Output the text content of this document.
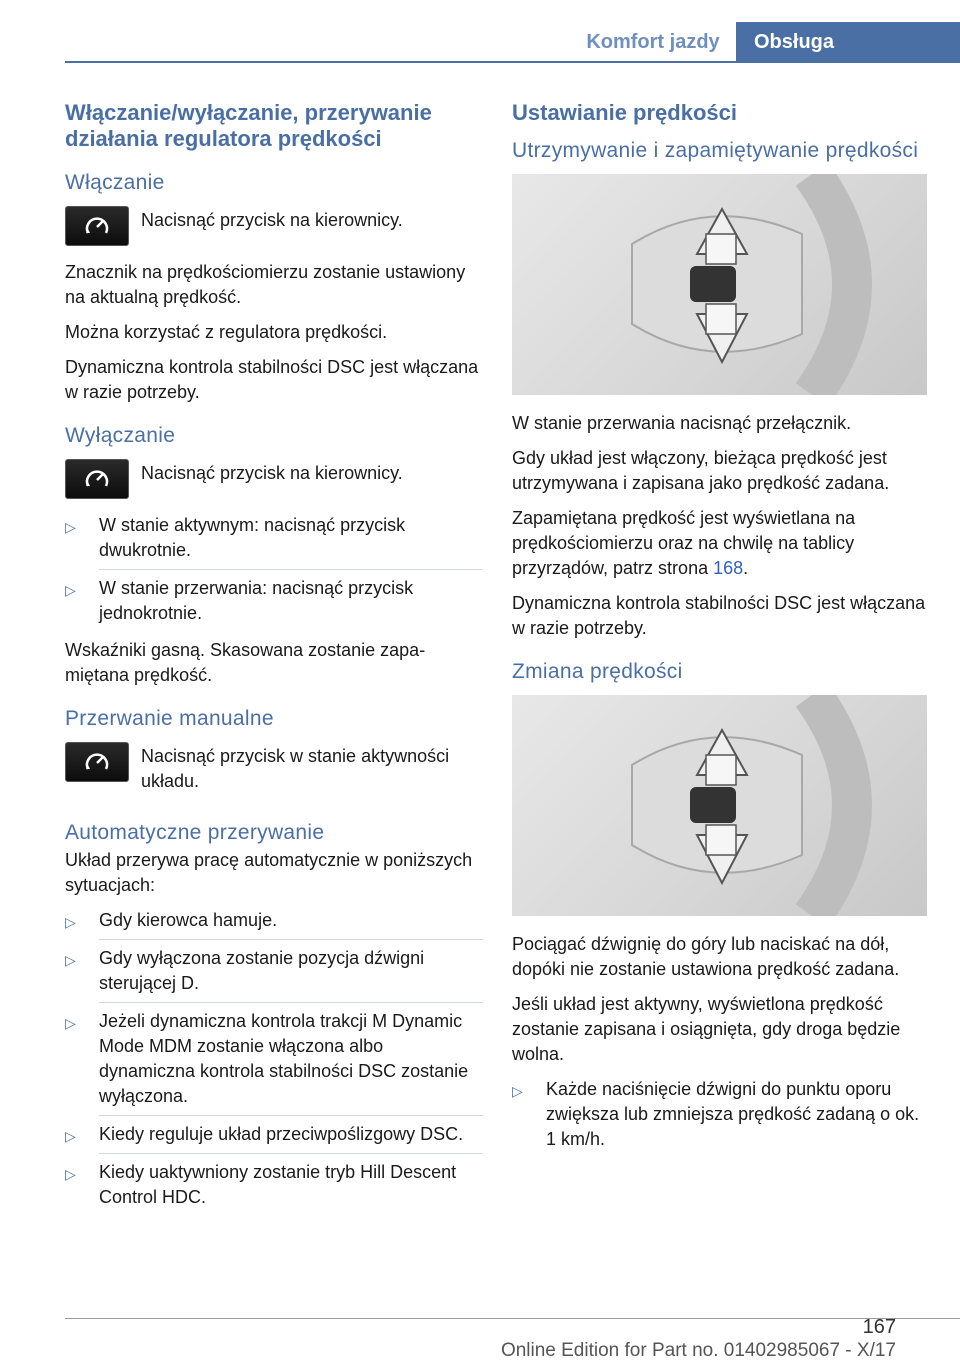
Komfort jazdy	Obsługa
Włączanie/wyłączanie, przerywanie działania regulatora prędkości
Włączanie
Nacisnąć przycisk na kierownicy.

Znacznik na prędkościomierzu zostanie ustawiony na aktualną prędkość.

Można korzystać z regulatora prędkości.

Dynamiczna kontrola stabilności DSC jest włączana w razie potrzeby.

Wyłączanie
Nacisnąć przycisk na kierownicy.
▷ W stanie aktywnym: nacisnąć przycisk dwukrotnie.
▷ W stanie przerwania: nacisnąć przycisk jednokrotnie.

Wskaźniki gasną. Skasowana zostanie zapamiętana prędkość.

Przerwanie manualne
Nacisnąć przycisk w stanie aktywności układu.
Automatyczne przerywanie

Układ przerywa pracę automatycznie w poniższych sytuacjach:

▷ Gdy kierowca hamuje.
▷ Gdy wyłączona zostanie pozycja dźwigni sterującej D.
▷ Jeżeli dynamiczna kontrola trakcji M Dynamic Mode MDM zostanie włączona albo dynamiczna kontrola stabilności DSC zostanie wyłączona.
▷ Kiedy reguluje układ przeciwpoślizgowy DSC.
▷ Kiedy uaktywniony zostanie tryb Hill Descent Control HDC.
Ustawianie prędkości
Utrzymywanie i zapamiętywanie prędkości

W stanie przerwania nacisnąć przełącznik.

Gdy układ jest włączony, bieżąca prędkość jest utrzymywana i zapisana jako prędkość zadana.

Zapamiętana prędkość jest wyświetlana na prędkościomierzu oraz na chwilę na tablicy przyrządów, patrz strona 168.

Dynamiczna kontrola stabilności DSC jest włączana w razie potrzeby.

Zmiana prędkości

Pociągać dźwignię do góry lub naciskać na dół, dopóki nie zostanie ustawiona prędkość zadana.

Jeśli układ jest aktywny, wyświetlona prędkość zostanie zapisana i osiągnięta, gdy droga będzie wolna.

▷ Każde naciśnięcie dźwigni do punktu oporu zwiększa lub zmniejsza prędkość zadaną o ok. 1 km/h.
167
Online Edition for Part no. 01402985067 - X/17
